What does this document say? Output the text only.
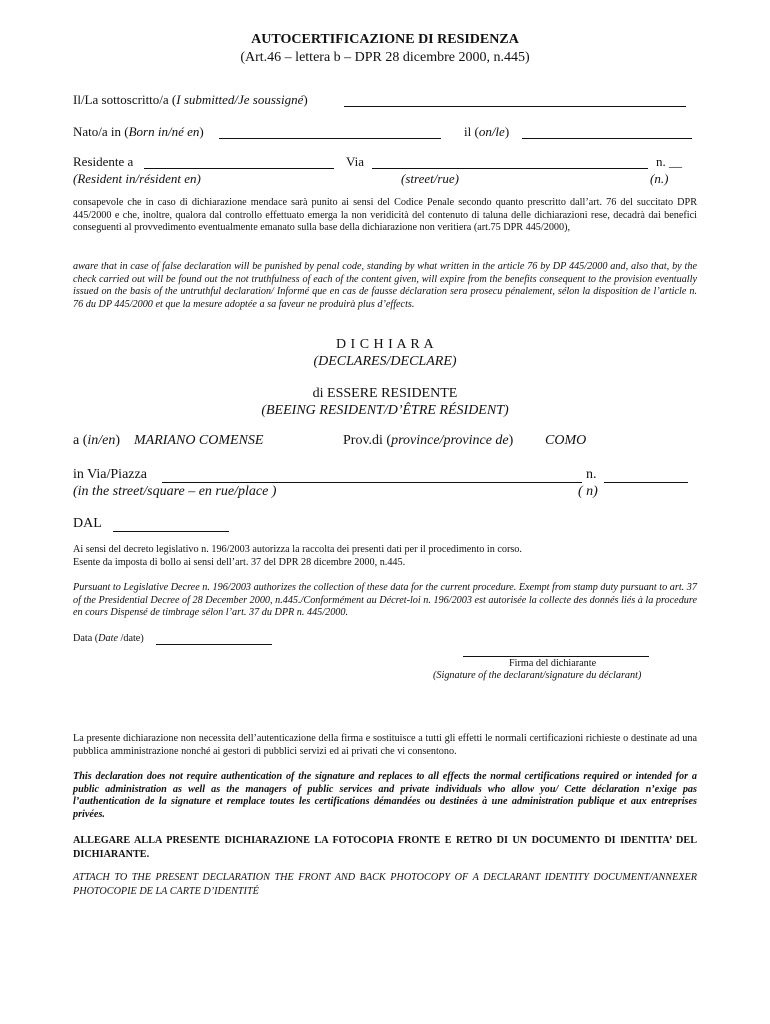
AUTOCERTIFICAZIONE DI RESIDENZA
(Art.46 – lettera b – DPR 28 dicembre 2000, n.445)
Il/La sottoscritto/a (I submitted/Je soussigné)
Nato/a in (Born in/né en)	il (on/le)
Residente a	Via	n. __
(Resident in/résident en)	(street/rue)	(n.)
consapevole che in caso di dichiarazione mendace sarà punito ai sensi del Codice Penale secondo quanto prescritto dall’art. 76 del succitato DPR 445/2000 e che, inoltre, qualora dal controllo effettuato emerga la non veridicità del contenuto di taluna delle dichiarazioni rese, decadrà dai benefici conseguenti al provvedimento eventualmente emanato sulla base della dichiarazione non veritiera (art.75 DPR 445/2000),
aware that in case of false declaration will be punished by penal code, standing by what written in the article 76 by DP 445/2000 and, also that, by the check carried out will be found out the not truthfulness of each of the content given, will expire from the benefits consequent to the provision eventually issued on the basis of the untruthful declaration/ Informé que en cas de fausse déclaration sera prosecu pénalement, sélon la disposition de l’article n. 76 du DP 445/2000 et que la mesure adoptée a sa faveur ne produirà plus d’effects.
D I C H I A R A
(DECLARES/DECLARE)
di ESSERE RESIDENTE
(BEEING RESIDENT/D’ÊTRE RÉSIDENT)
a (in/en) MARIANO COMENSE	Prov.di (province/province de) COMO
in Via/Piazza	n.
(in the street/square – en rue/place )	( n)
DAL
Ai sensi del decreto legislativo n. 196/2003 autorizza la raccolta dei presenti dati per il procedimento in corso.
Esente da imposta di bollo ai sensi dell’art. 37 del DPR 28 dicembre 2000, n.445.
Pursuant to Legislative Decree n. 196/2003 authorizes the collection of these data for the current procedure. Exempt from stamp duty pursuant to art. 37 of the Presidential Decree of 28 December 2000, n.445./Conformément au Décret-loi n. 196/2003 est autorisée la collecte des donnés liés à la procedure en cours Dispensé de timbrage sélon l’art. 37 du DPR n. 445/2000.
Data (Date /date)
Firma del dichiarante
(Signature of the declarant/signature du déclarant)
La presente dichiarazione non necessita dell’autenticazione della firma e sostituisce a tutti gli effetti le normali certificazioni richieste o destinate ad una pubblica amministrazione nonché ai gestori di pubblici servizi ed ai privati che vi consentono.
This declaration does not require authentication of the signature and replaces to all effects the normal certifications required or intended for a public administration as well as the managers of public services and private individuals who allow you/ Cette déclaration n’exige pas l’authentication de la signature et remplace toutes les certifications démandées ou destinées à une administration publique et aux entreprises privées.
ALLEGARE ALLA PRESENTE DICHIARAZIONE LA FOTOCOPIA FRONTE E RETRO DI UN DOCUMENTO DI IDENTITA’ DEL DICHIARANTE.
ATTACH TO THE PRESENT DECLARATION THE FRONT AND BACK PHOTOCOPY OF A DECLARANT IDENTITY DOCUMENT/ANNEXER PHOTOCOPIE DE LA CARTE D’IDENTITÉ
